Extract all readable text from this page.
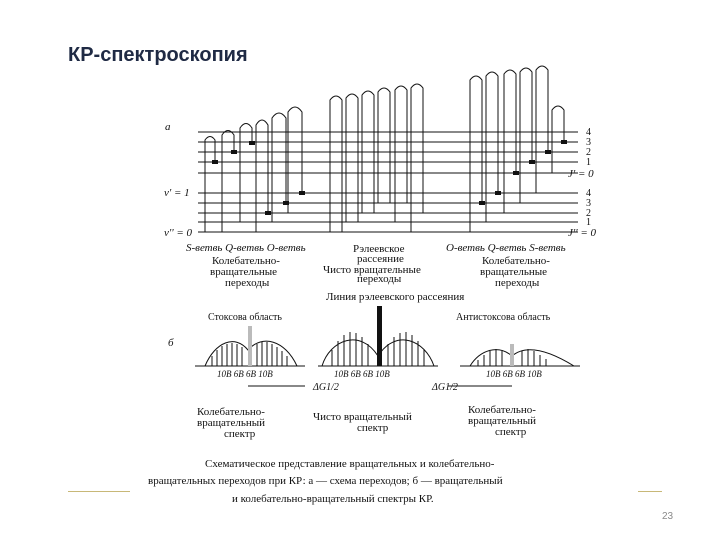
КР-спектроскопия
а
б
v' = 1
v'' = 0
J' = 0
J'' = 0
4
3
2
1
4
3
2
1
S-ветвь Q-ветвь O-ветвь	O-ветвь Q-ветвь S-ветвь
Рэлеевское
рассеяние
Чисто вращательные
переходы
Колебательно-
вращательные
переходы
Колебательно-
вращательные
переходы
Линия рэлеевского рассеяния
Стоксова область	Антистоксова область
10B 6B 6B 10B	10B 6B 6B 10B	10B 6B 6B 10B
ΔG1/2	ΔG1/2
Колебательно-
вращательный
спектр
Чисто вращательный
спектр
Колебательно-
вращательный
спектр
Схематическое представление вращательных и колебательно-
вращательных переходов при КР: а — схема переходов; б — вращательный
и колебательно-вращательный спектры КР.
23
